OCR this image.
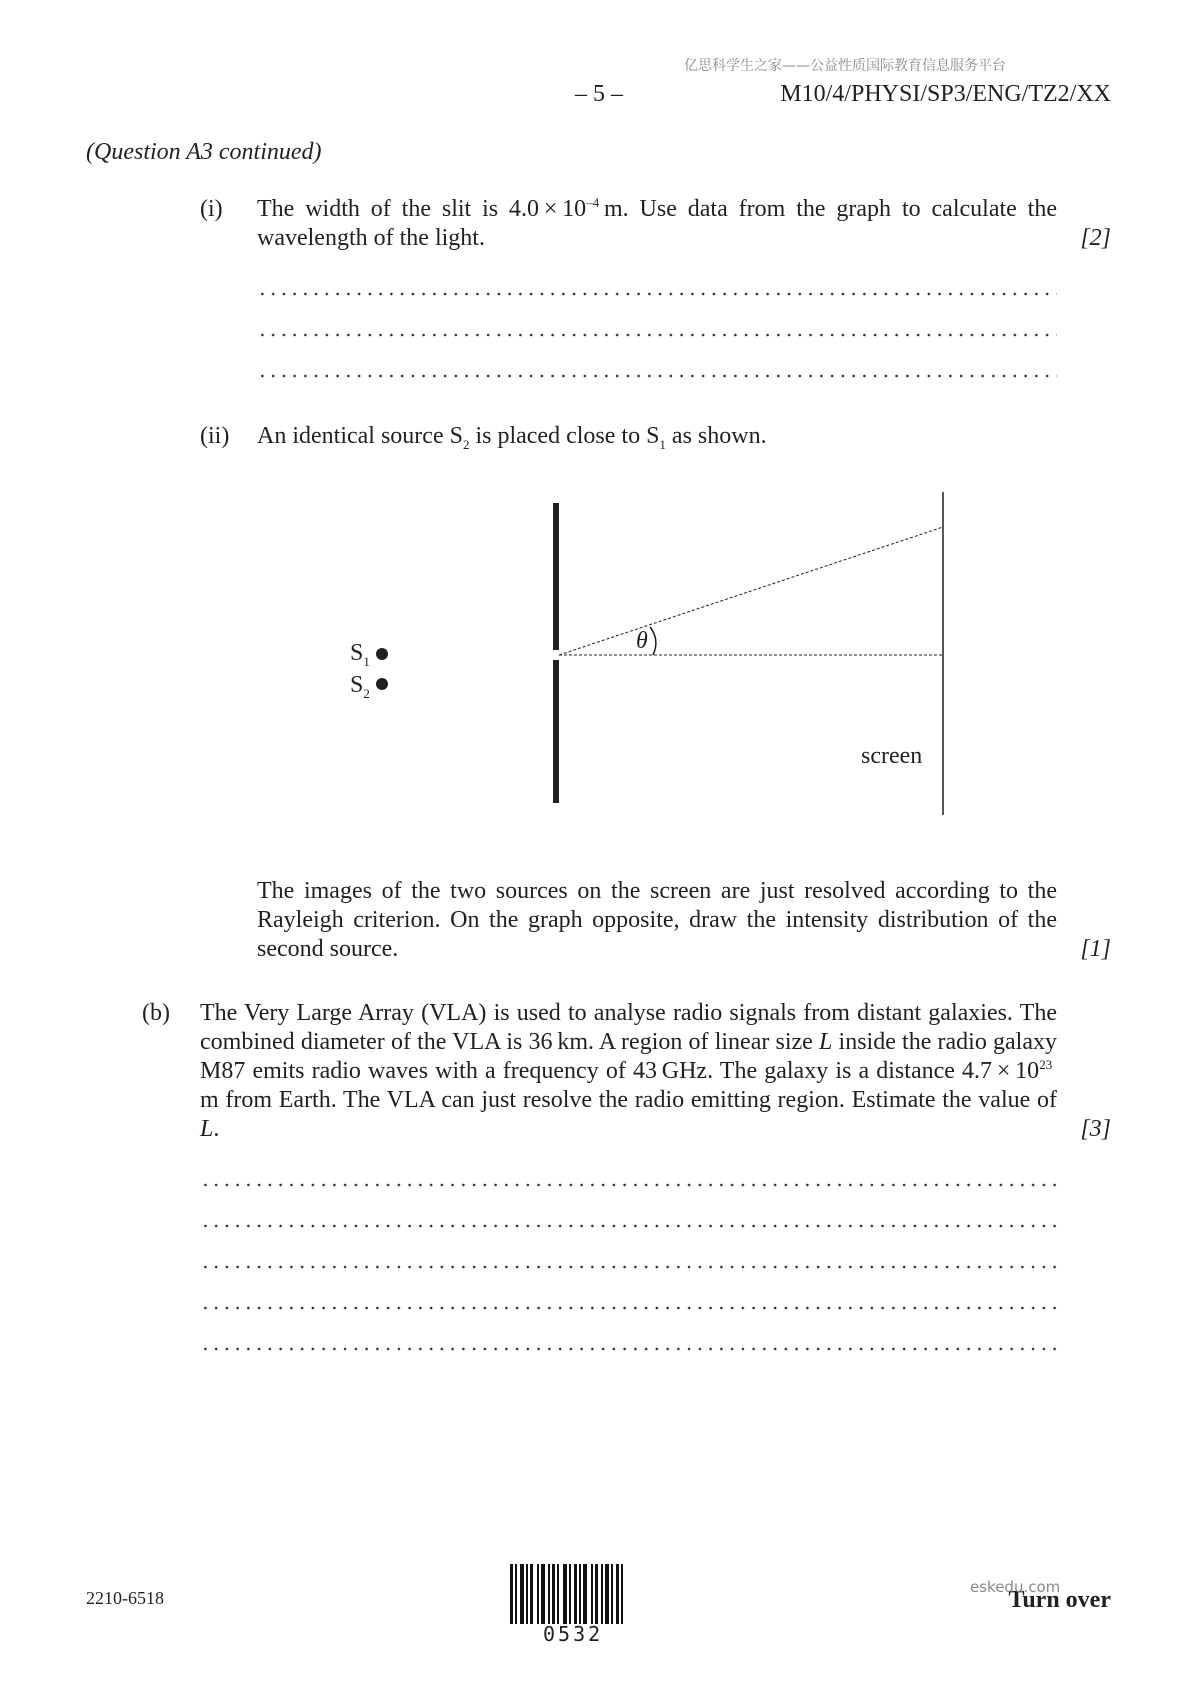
亿思科学生之家——公益性质国际教育信息服务平台
– 5 –	M10/4/PHYSI/SP3/ENG/TZ2/XX
(Question A3 continued)
(i) The width of the slit is $4.0 \times 10^{-4}$ m. Use data from the graph to calculate the wavelength of the light.	[2]
(ii) An identical source $S_2$ is placed close to $S_1$ as shown.
θ
$S_1$
$S_2$
screen
The images of the two sources on the screen are just resolved according to the Rayleigh criterion. On the graph opposite, draw the intensity distribution of the second source.	[1]
(b) The Very Large Array (VLA) is used to analyse radio signals from distant galaxies. The combined diameter of the VLA is 36 km. A region of linear size L inside the radio galaxy M87 emits radio waves with a frequency of 43 GHz. The galaxy is a distance $4.7 \times 10^{23}$ m from Earth. The VLA can just resolve the radio emitting region. Estimate the value of L.	[3]
2210-6518
0532
Turn over
eskedu.com
